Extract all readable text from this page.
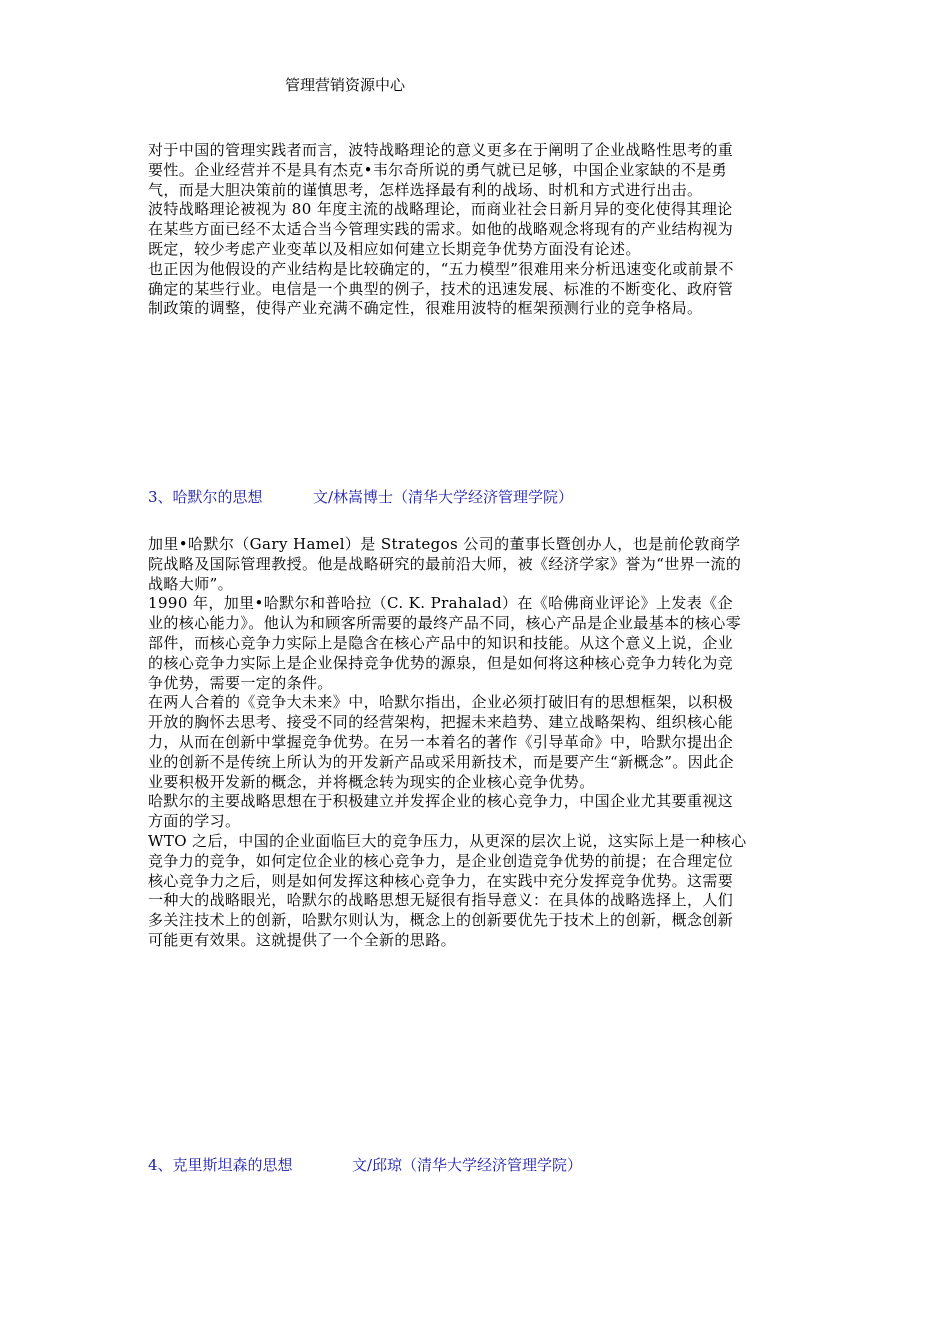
管理营销资源中心

对于中国的管理实践者而言，波特战略理论的意义更多在于阐明了企业战略性思考的重要性。企业经营并不是具有杰克•韦尔奇所说的勇气就已足够，中国企业家缺的不是勇气，而是大胆决策前的谨慎思考，怎样选择最有利的战场、时机和方式进行出击。

波特战略理论被视为 80 年度主流的战略理论，而商业社会日新月异的变化使得其理论在某些方面已经不太适合当今管理实践的需求。如他的战略观念将现有的产业结构视为既定，较少考虑产业变革以及相应如何建立长期竞争优势方面没有论述。

也正因为他假设的产业结构是比较确定的，“五力模型”很难用来分析迅速变化或前景不确定的某些行业。电信是一个典型的例子，技术的迅速发展、标准的不断变化、政府管制政策的调整，使得产业充满不确定性，很难用波特的框架预测行业的竞争格局。

3、哈默尔的思想	文/林嵩博士（清华大学经济管理学院）

加里•哈默尔（Gary Hamel）是 Strategos 公司的董事长暨创办人，也是前伦敦商学院战略及国际管理教授。他是战略研究的最前沿大师，被《经济学家》誉为“世界一流的战略大师”。

1990 年，加里•哈默尔和普哈拉（C. K. Prahalad）在《哈佛商业评论》上发表《企业的核心能力》。他认为和顾客所需要的最终产品不同，核心产品是企业最基本的核心零部件，而核心竞争力实际上是隐含在核心产品中的知识和技能。从这个意义上说，企业的核心竞争力实际上是企业保持竞争优势的源泉，但是如何将这种核心竞争力转化为竞争优势，需要一定的条件。

在两人合着的《竞争大未来》中，哈默尔指出，企业必须打破旧有的思想框架，以积极开放的胸怀去思考、接受不同的经营架构，把握未来趋势、建立战略架构、组织核心能力，从而在创新中掌握竞争优势。在另一本着名的著作《引导革命》中，哈默尔提出企业的创新不是传统上所认为的开发新产品或采用新技术，而是要产生“新概念”。因此企业要积极开发新的概念，并将概念转为现实的企业核心竞争优势。

哈默尔的主要战略思想在于积极建立并发挥企业的核心竞争力，中国企业尤其要重视这方面的学习。

WTO 之后，中国的企业面临巨大的竞争压力，从更深的层次上说，这实际上是一种核心竞争力的竞争，如何定位企业的核心竞争力，是企业创造竞争优势的前提；在合理定位核心竞争力之后，则是如何发挥这种核心竞争力，在实践中充分发挥竞争优势。这需要一种大的战略眼光，哈默尔的战略思想无疑很有指导意义：在具体的战略选择上，人们多关注技术上的创新，哈默尔则认为，概念上的创新要优先于技术上的创新，概念创新可能更有效果。这就提供了一个全新的思路。

4、克里斯坦森的思想	文/邱琼（清华大学经济管理学院）
